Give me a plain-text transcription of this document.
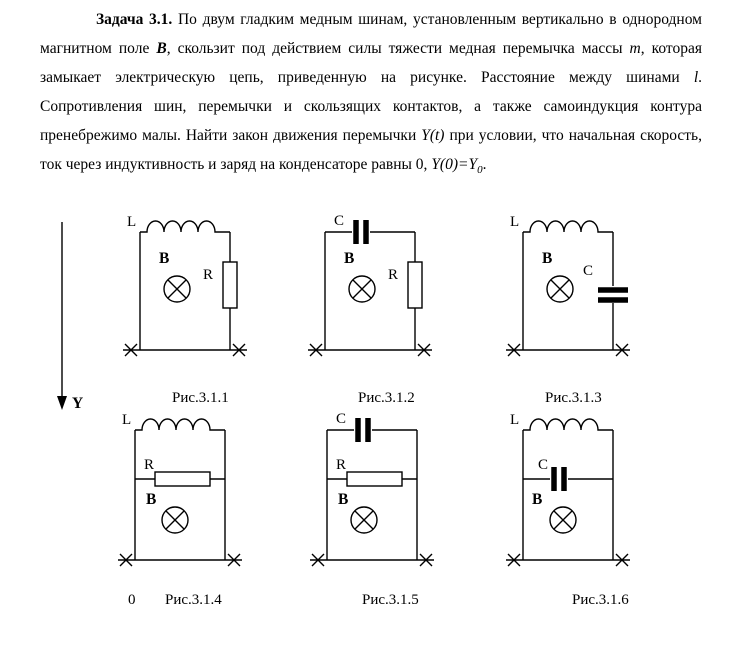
Задача 3.1. По двум гладким медным шинам, установленным вертикально в однородном магнитном поле B, скользит под действием силы тяжести медная перемычка массы m, которая замыкает электрическую цепь, приведенную на рисунке. Расстояние между шинами l. Сопротивления шин, перемычки и скользящих контактов, а также самоиндукция контура пренебрежимо малы. Найти закон движения перемычки Y(t) при условии, что начальная скорость, ток через индуктивность и заряд на конденсаторе равны 0, $Y(0)=Y_0$.

Y
L
B
R
C
B
R
L
B
C
L
R
B
C
R
B
L
C
B
Рис.3.1.1	Рис.3.1.2	Рис.3.1.3
0 Рис.3.1.4	Рис.3.1.5	Рис.3.1.6
